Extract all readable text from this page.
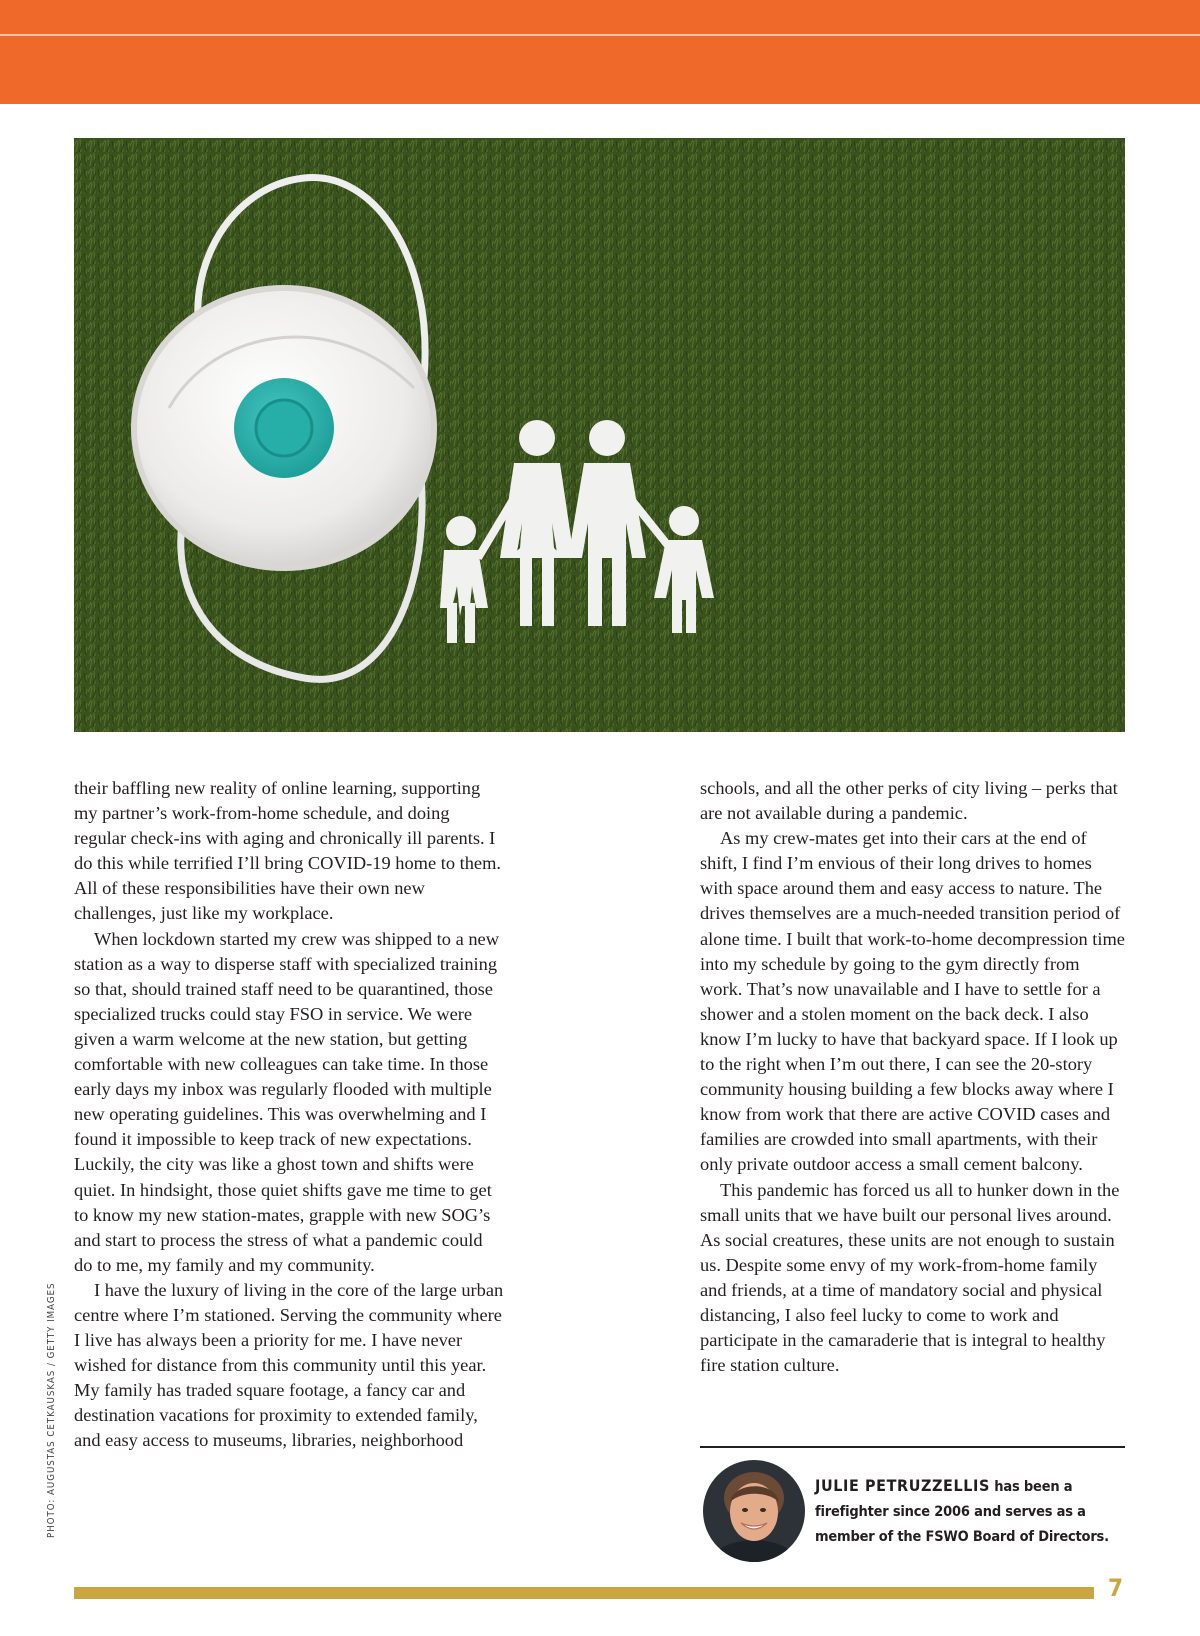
PHOTO: AUGUSTAS CETKAUSKAS / GETTY IMAGES

their baffling new reality of online learning, supporting my partner’s work-from-home schedule, and doing regular check-ins with aging and chronically ill parents. I do this while terrified I’ll bring COVID-19 home to them. All of these responsibilities have their own new challenges, just like my workplace.

When lockdown started my crew was shipped to a new station as a way to disperse staff with specialized training so that, should trained staff need to be quarantined, those specialized trucks could stay FSO in service. We were given a warm welcome at the new station, but getting comfortable with new colleagues can take time. In those early days my inbox was regularly flooded with multiple new operating guidelines. This was overwhelming and I found it impossible to keep track of new expectations. Luckily, the city was like a ghost town and shifts were quiet. In hindsight, those quiet shifts gave me time to get to know my new station-mates, grapple with new SOG’s and start to process the stress of what a pandemic could do to me, my family and my community.

I have the luxury of living in the core of the large urban centre where I’m stationed. Serving the community where I live has always been a priority for me. I have never wished for distance from this community until this year. My family has traded square footage, a fancy car and destination vacations for proximity to extended family, and easy access to museums, libraries, neighborhood

schools, and all the other perks of city living – perks that are not available during a pandemic.

As my crew-mates get into their cars at the end of shift, I find I’m envious of their long drives to homes with space around them and easy access to nature. The drives themselves are a much-needed transition period of alone time. I built that work-to-home decompression time into my schedule by going to the gym directly from work. That’s now unavailable and I have to settle for a shower and a stolen moment on the back deck. I also know I’m lucky to have that backyard space. If I look up to the right when I’m out there, I can see the 20-story community housing building a few blocks away where I know from work that there are active COVID cases and families are crowded into small apartments, with their only private outdoor access a small cement balcony.

This pandemic has forced us all to hunker down in the small units that we have built our personal lives around. As social creatures, these units are not enough to sustain us. Despite some envy of my work-from-home family and friends, at a time of mandatory social and physical distancing, I also feel lucky to come to work and participate in the camaraderie that is integral to healthy fire station culture.

JULIE PETRUZZELLIS has been a firefighter since 2006 and serves as a member of the FSWO Board of Directors.
7
